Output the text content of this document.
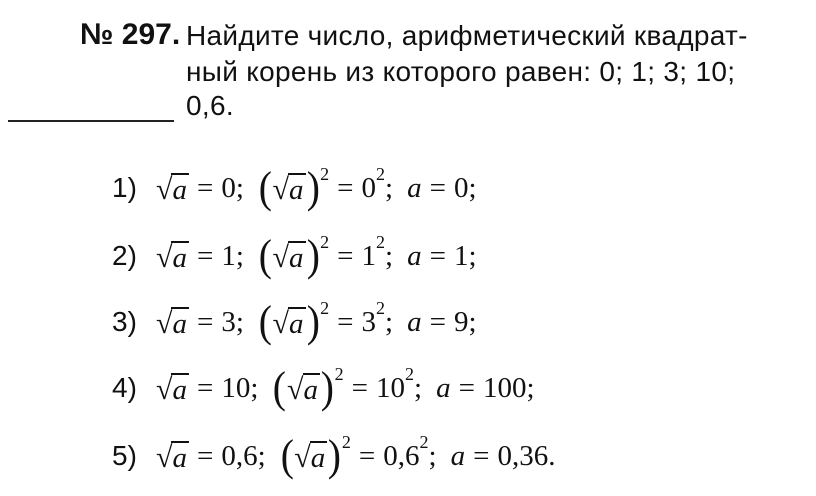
№ 297. Найдите число, арифметический квадрат-
ный корень из которого равен: 0; 1; 3; 10;
0,6.
1) √ a = 0; ( √ a ) 2 = 0 2 ; a = 0 ;
2) √ a = 1; ( √ a ) 2 = 1 2 ; a = 1 ;
3) √ a = 3; ( √ a ) 2 = 3 2 ; a = 9 ;
4) √ a = 10; ( √ a ) 2 = 10 2 ; a = 100 ;
5) √ a = 0,6; ( √ a ) 2 = 0,6 2 ; a = 0,36 .
